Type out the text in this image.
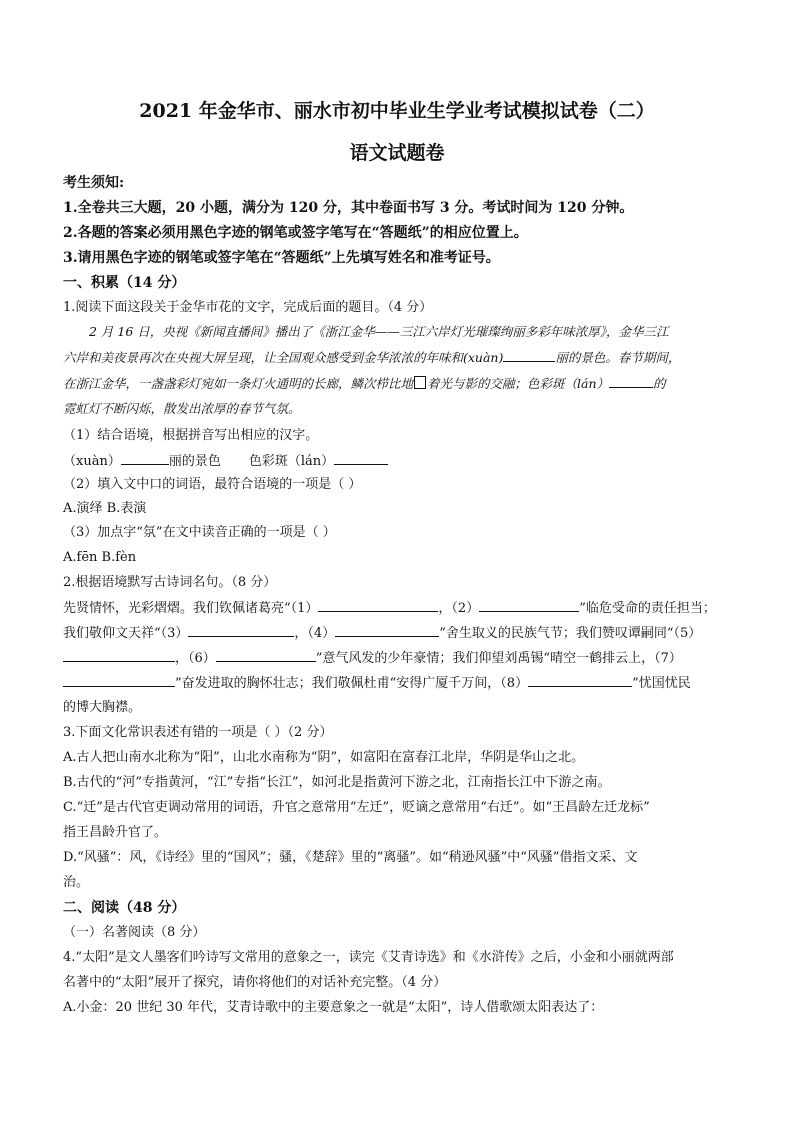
2021 年金华市、丽水市初中毕业生学业考试模拟试卷（二）
语文试题卷
考生须知:
1.全卷共三大题，20 小题，满分为 120 分，其中卷面书写 3 分。考试时间为 120 分钟。
2.各题的答案必须用黑色字迹的钢笔或签字笔写在“答题纸”的相应位置上。
3.请用黑色字迹的钢笔或签字笔在“答题纸”上先填写姓名和准考证号。
一、积累（14 分）
1.阅读下面这段关于金华市花的文字，完成后面的题目。（4 分）
2 月 16 日，央视《新闻直播间》播出了《浙江金华——三江六岸灯光璀璨绚丽多彩年味浓厚》，金华三江
六岸和美夜景再次在央视大屏呈现，让全国观众感受到金华浓浓的年味和(xuàn)	丽的景色。春节期间，
在浙江金华，一盏盏彩灯宛如一条灯火通明的长廊，鳞次栉比地 着光与影的交融；色彩斑（lán）	的
霓虹灯不断闪烁，散发出浓厚的春节气氛。
（1）结合语境，根据拼音写出相应的汉字。
（xuàn）	丽的景色 色彩斑（lán）
（2）填入文中口的词语，最符合语境的一项是（ ）
A.演绎 B.表演
（3）加点字“氛”在文中读音正确的一项是（ ）
A.fēn B.fèn
2.根据语境默写古诗词名句。（8 分）
先贤情怀，光彩熠熠。我们钦佩诸葛亮“（1）	，（2）	”临危受命的责任担当；
我们敬仰文天祥“（3）	，（4）	”舍生取义的民族气节；我们赞叹谭嗣同“（5）
，（6）	”意气风发的少年豪情；我们仰望刘禹锡“晴空一鹤排云上，（7）
”奋发进取的胸怀壮志；我们敬佩杜甫“安得广厦千万间，（8）	”忧国忧民
的博大胸襟。
3.下面文化常识表述有错的一项是（ ）（2 分）
A.古人把山南水北称为“阳”，山北水南称为“阴”，如富阳在富春江北岸，华阴是华山之北。
B.古代的“河”专指黄河，“江”专指“长江”，如河北是指黄河下游之北，江南指长江中下游之南。
C.“迁”是古代官吏调动常用的词语，升官之意常用“左迁”，贬谪之意常用“右迁”。如“王昌龄左迁龙标”
指王昌龄升官了。
D.“风骚”：风，《诗经》里的“国风”；骚，《楚辞》里的“离骚”。如“稍逊风骚”中“风骚”借指文采、文
治。
二、阅读（48 分）
（一）名著阅读（8 分）
4.“太阳”是文人墨客们吟诗写文常用的意象之一，读完《艾青诗选》和《水浒传》之后，小金和小丽就两部
名著中的“太阳”展开了探究，请你将他们的对话补充完整。（4 分）
A.小金：20 世纪 30 年代，艾青诗歌中的主要意象之一就是“太阳”，诗人借歌颂太阳表达了：
